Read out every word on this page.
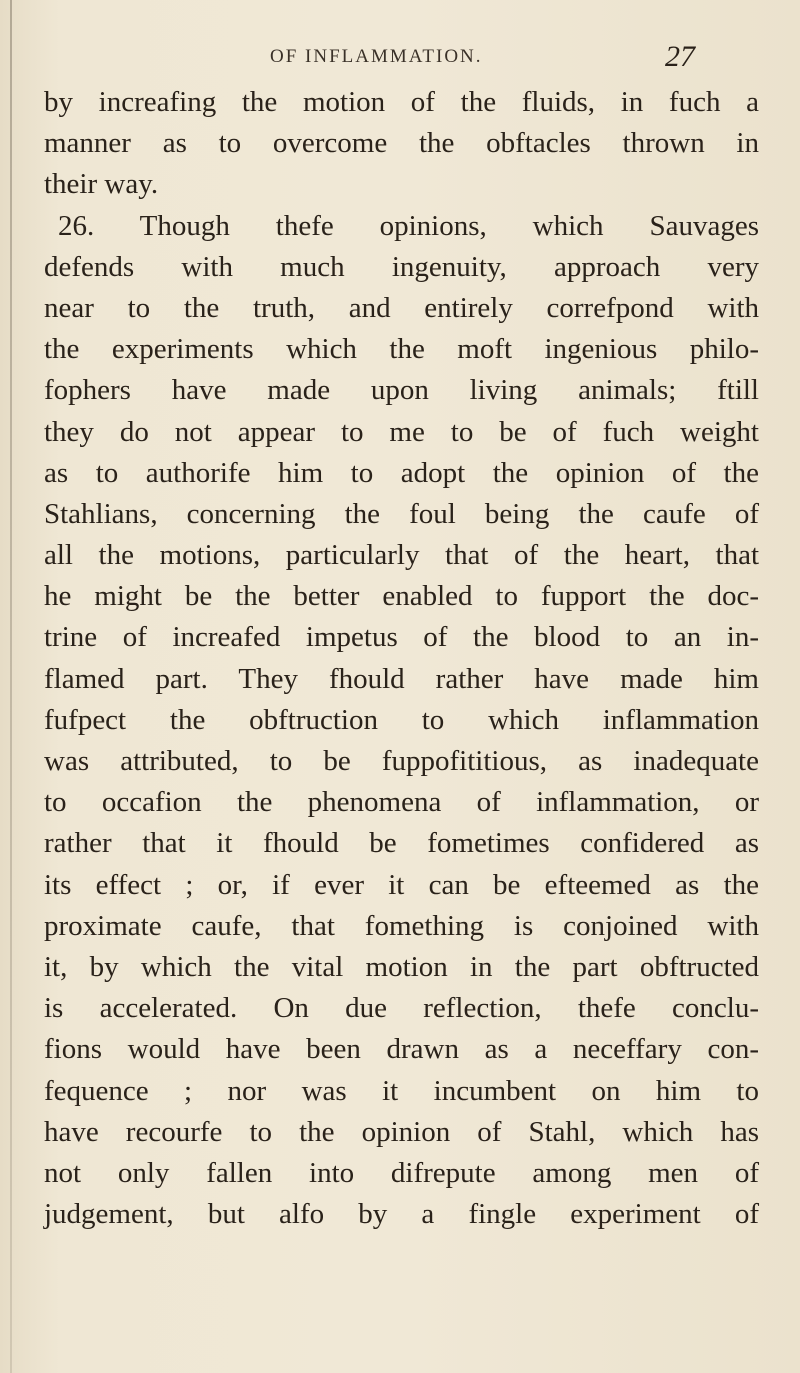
OF INFLAMMATION.	27
by increafing the motion of the fluids, in fuch a
manner as to overcome the obftacles thrown in
their way.
26. Though thefe opinions, which Sauvages
defends with much ingenuity, approach very
near to the truth, and entirely correfpond with
the experiments which the moft ingenious philo-
fophers have made upon living animals; ftill
they do not appear to me to be of fuch weight
as to authorife him to adopt the opinion of the
Stahlians, concerning the foul being the caufe of
all the motions, particularly that of the heart, that
he might be the better enabled to fupport the doc-
trine of increafed impetus of the blood to an in-
flamed part. They fhould rather have made him
fufpect the obftruction to which inflammation
was attributed, to be fuppofititious, as inadequate
to occafion the phenomena of inflammation, or
rather that it fhould be fometimes confidered as
its effect ; or, if ever it can be efteemed as the
proximate caufe, that fomething is conjoined with
it, by which the vital motion in the part obftructed
is accelerated. On due reflection, thefe conclu-
fions would have been drawn as a neceffary con-
fequence ; nor was it incumbent on him to
have recourfe to the opinion of Stahl, which has
not only fallen into difrepute among men of
judgement, but alfo by a fingle experiment of
